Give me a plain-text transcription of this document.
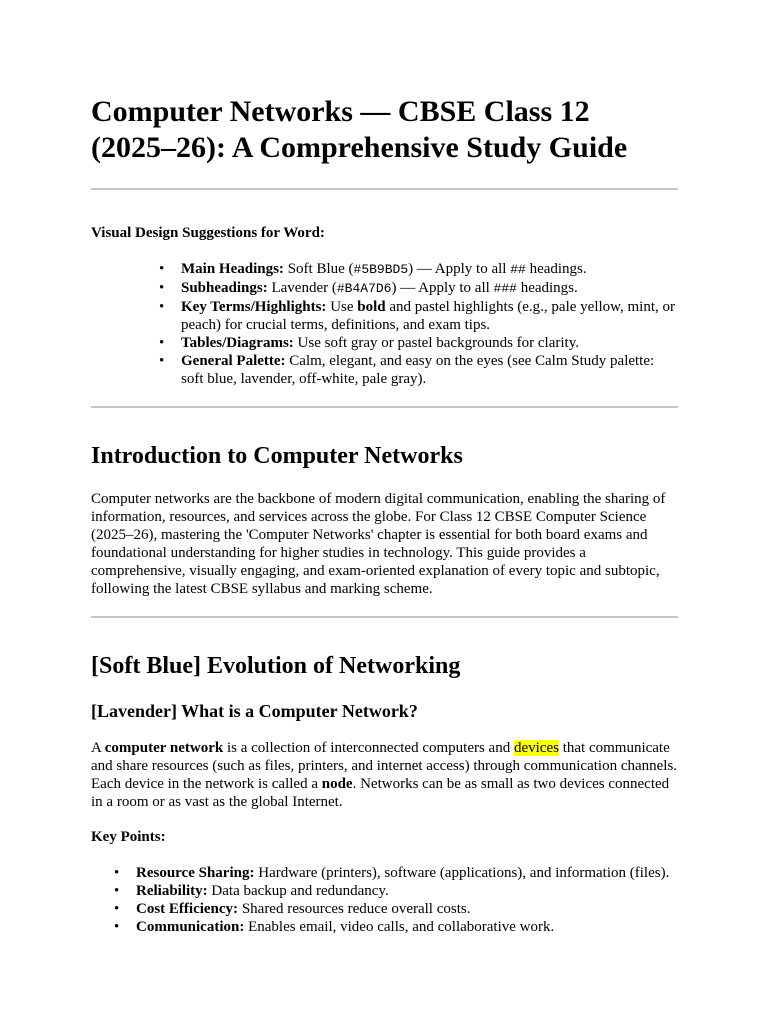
Computer Networks — CBSE Class 12 (2025–26): A Comprehensive Study Guide

Visual Design Suggestions for Word:

• Main Headings: Soft Blue (#5B9BD5) — Apply to all ## headings.
• Subheadings: Lavender (#B4A7D6) — Apply to all ### headings.
• Key Terms/Highlights: Use bold and pastel highlights (e.g., pale yellow, mint, or peach) for crucial terms, definitions, and exam tips.
• Tables/Diagrams: Use soft gray or pastel backgrounds for clarity.
• General Palette: Calm, elegant, and easy on the eyes (see Calm Study palette: soft blue, lavender, off-white, pale gray).
Introduction to Computer Networks

Computer networks are the backbone of modern digital communication, enabling the sharing of information, resources, and services across the globe. For Class 12 CBSE Computer Science (2025–26), mastering the 'Computer Networks' chapter is essential for both board exams and foundational understanding for higher studies in technology. This guide provides a comprehensive, visually engaging, and exam-oriented explanation of every topic and subtopic, following the latest CBSE syllabus and marking scheme.

[Soft Blue] Evolution of Networking
[Lavender] What is a Computer Network?

A computer network is a collection of interconnected computers and devices that communicate and share resources (such as files, printers, and internet access) through communication channels. Each device in the network is called a node. Networks can be as small as two devices connected in a room or as vast as the global Internet.

Key Points:

• Resource Sharing: Hardware (printers), software (applications), and information (files).
• Reliability: Data backup and redundancy.
• Cost Efficiency: Shared resources reduce overall costs.
• Communication: Enables email, video calls, and collaborative work.
